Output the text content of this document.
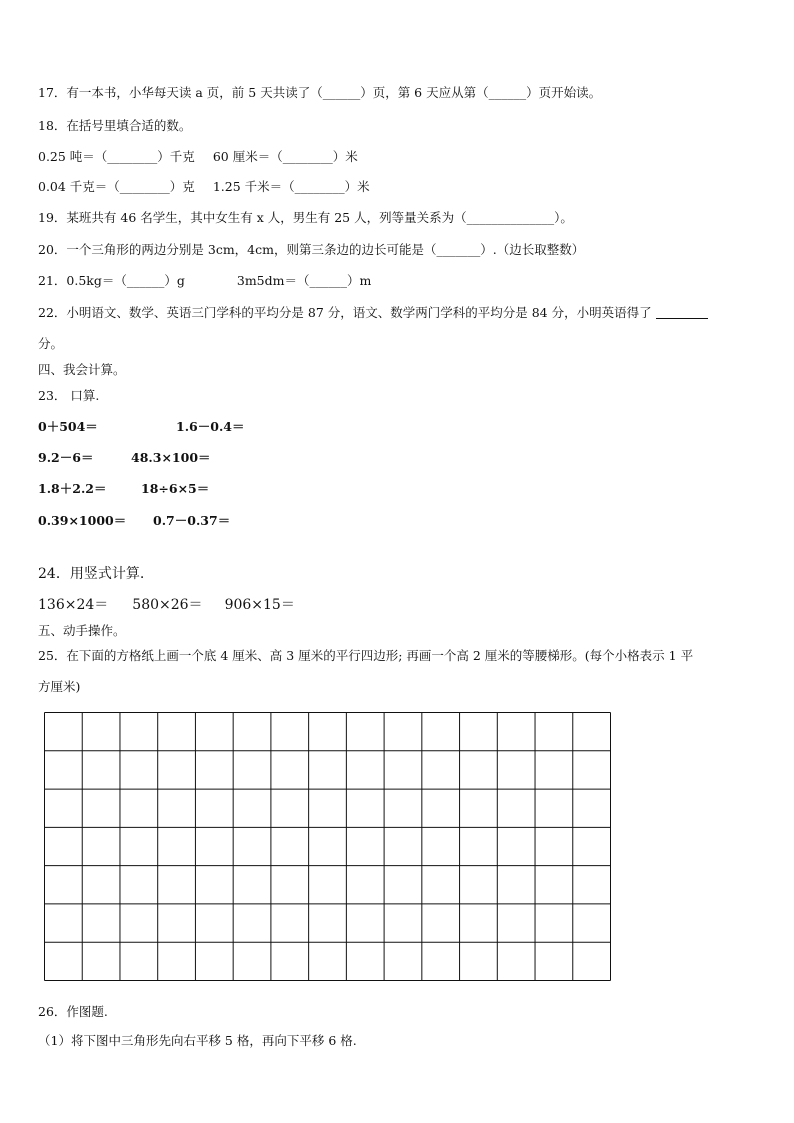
17．有一本书，小华每天读 a 页，前 5 天共读了（______）页，第 6 天应从第（______）页开始读。
18．在括号里填合适的数。
0.25 吨＝（________）千克 60 厘米＝（________）米
0.04 千克＝（________）克 1.25 千米＝（________）米
19．某班共有 46 名学生，其中女生有 x 人，男生有 25 人，列等量关系为（______________）。
20．一个三角形的两边分别是 3cm，4cm，则第三条边的边长可能是（_______）.（边长取整数）
21．0.5kg＝（______）g	3m5dm＝（______）m
22．小明语文、数学、英语三门学科的平均分是 87 分，语文、数学两门学科的平均分是 84 分，小明英语得了
分。
四、我会计算。
23． 口算.
0＋504＝	1.6－0.4＝
9.2－6＝	48.3×100＝
1.8＋2.2＝	18÷6×5＝
0.39×1000＝ 0.7－0.37＝
24．用竖式计算.
136×24＝ 580×26＝ 906×15＝
五、动手操作。
25．在下面的方格纸上画一个底 4 厘米、高 3 厘米的平行四边形; 再画一个高 2 厘米的等腰梯形。(每个小格表示 1 平
方厘米)
26．作图题.
（1）将下图中三角形先向右平移 5 格，再向下平移 6 格.
